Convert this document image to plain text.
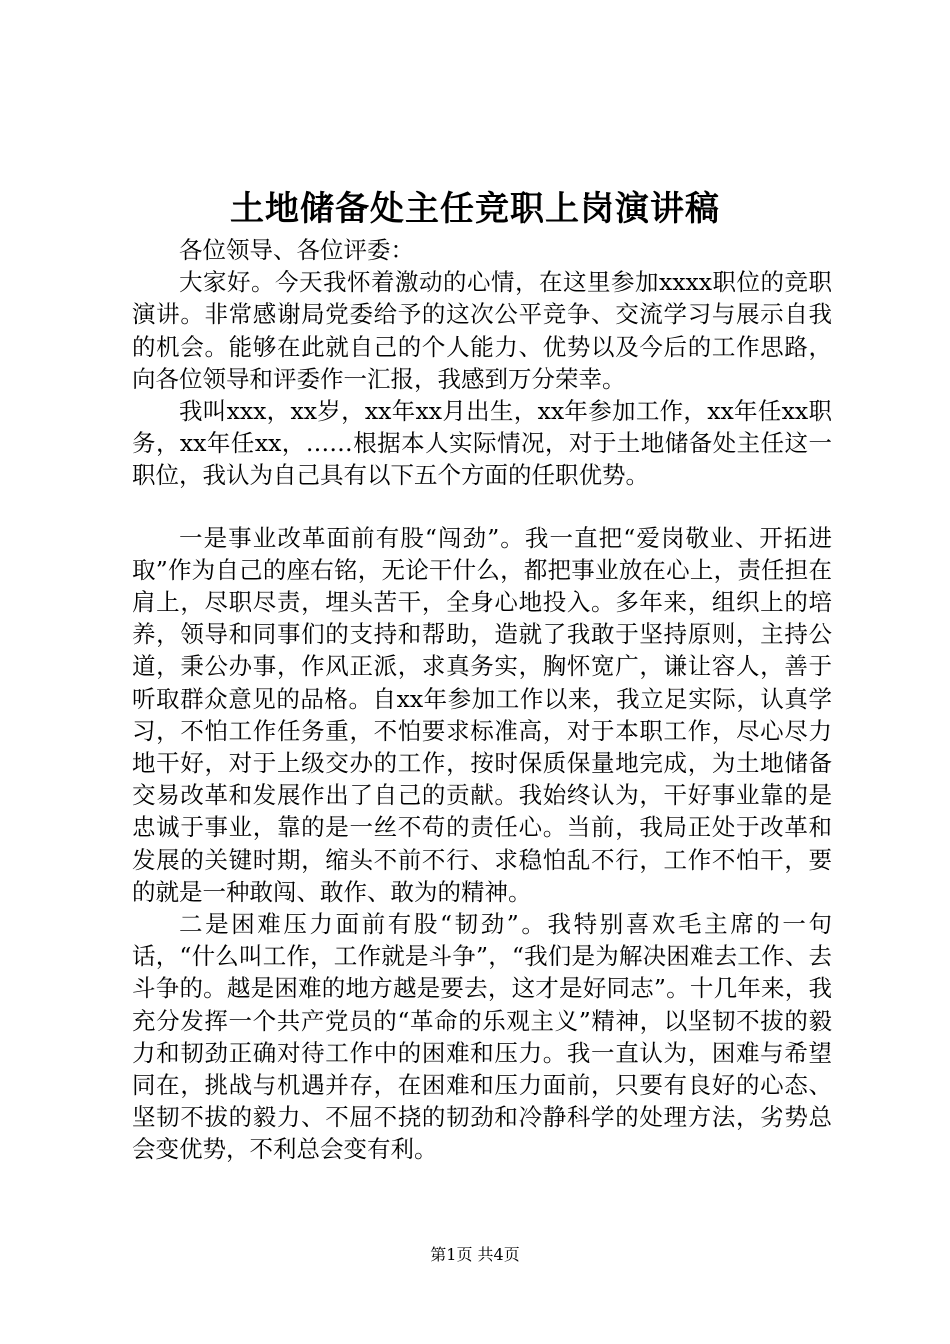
土地储备处主任竞职上岗演讲稿

各位领导、各位评委：

大家好。今天我怀着激动的心情，在这里参加xxxx职位的竞职演讲。非常感谢局党委给予的这次公平竞争、交流学习与展示自我的机会。能够在此就自己的个人能力、优势以及今后的工作思路，向各位领导和评委作一汇报，我感到万分荣幸。

我叫xxx，xx岁，xx年xx月出生，xx年参加工作，xx年任xx职务，xx年任xx，……根据本人实际情况，对于土地储备处主任这一职位，我认为自己具有以下五个方面的任职优势。

一是事业改革面前有股“闯劲”。我一直把“爱岗敬业、开拓进取”作为自己的座右铭，无论干什么，都把事业放在心上，责任担在肩上，尽职尽责，埋头苦干，全身心地投入。多年来，组织上的培养，领导和同事们的支持和帮助，造就了我敢于坚持原则，主持公道，秉公办事，作风正派，求真务实，胸怀宽广，谦让容人，善于听取群众意见的品格。自xx年参加工作以来，我立足实际，认真学习，不怕工作任务重，不怕要求标准高，对于本职工作，尽心尽力地干好，对于上级交办的工作，按时保质保量地完成，为土地储备交易改革和发展作出了自己的贡献。我始终认为，干好事业靠的是忠诚于事业，靠的是一丝不苟的责任心。当前，我局正处于改革和发展的关键时期，缩头不前不行、求稳怕乱不行，工作不怕干，要的就是一种敢闯、敢作、敢为的精神。

二是困难压力面前有股“韧劲”。我特别喜欢毛主席的一句话，“什么叫工作，工作就是斗争”，“我们是为解决困难去工作、去斗争的。越是困难的地方越是要去，这才是好同志”。十几年来，我充分发挥一个共产党员的“革命的乐观主义”精神，以坚韧不拔的毅力和韧劲正确对待工作中的困难和压力。我一直认为，困难与希望同在，挑战与机遇并存，在困难和压力面前，只要有良好的心态、坚韧不拔的毅力、不屈不挠的韧劲和冷静科学的处理方法，劣势总会变优势，不利总会变有利。

第1页 共4页
